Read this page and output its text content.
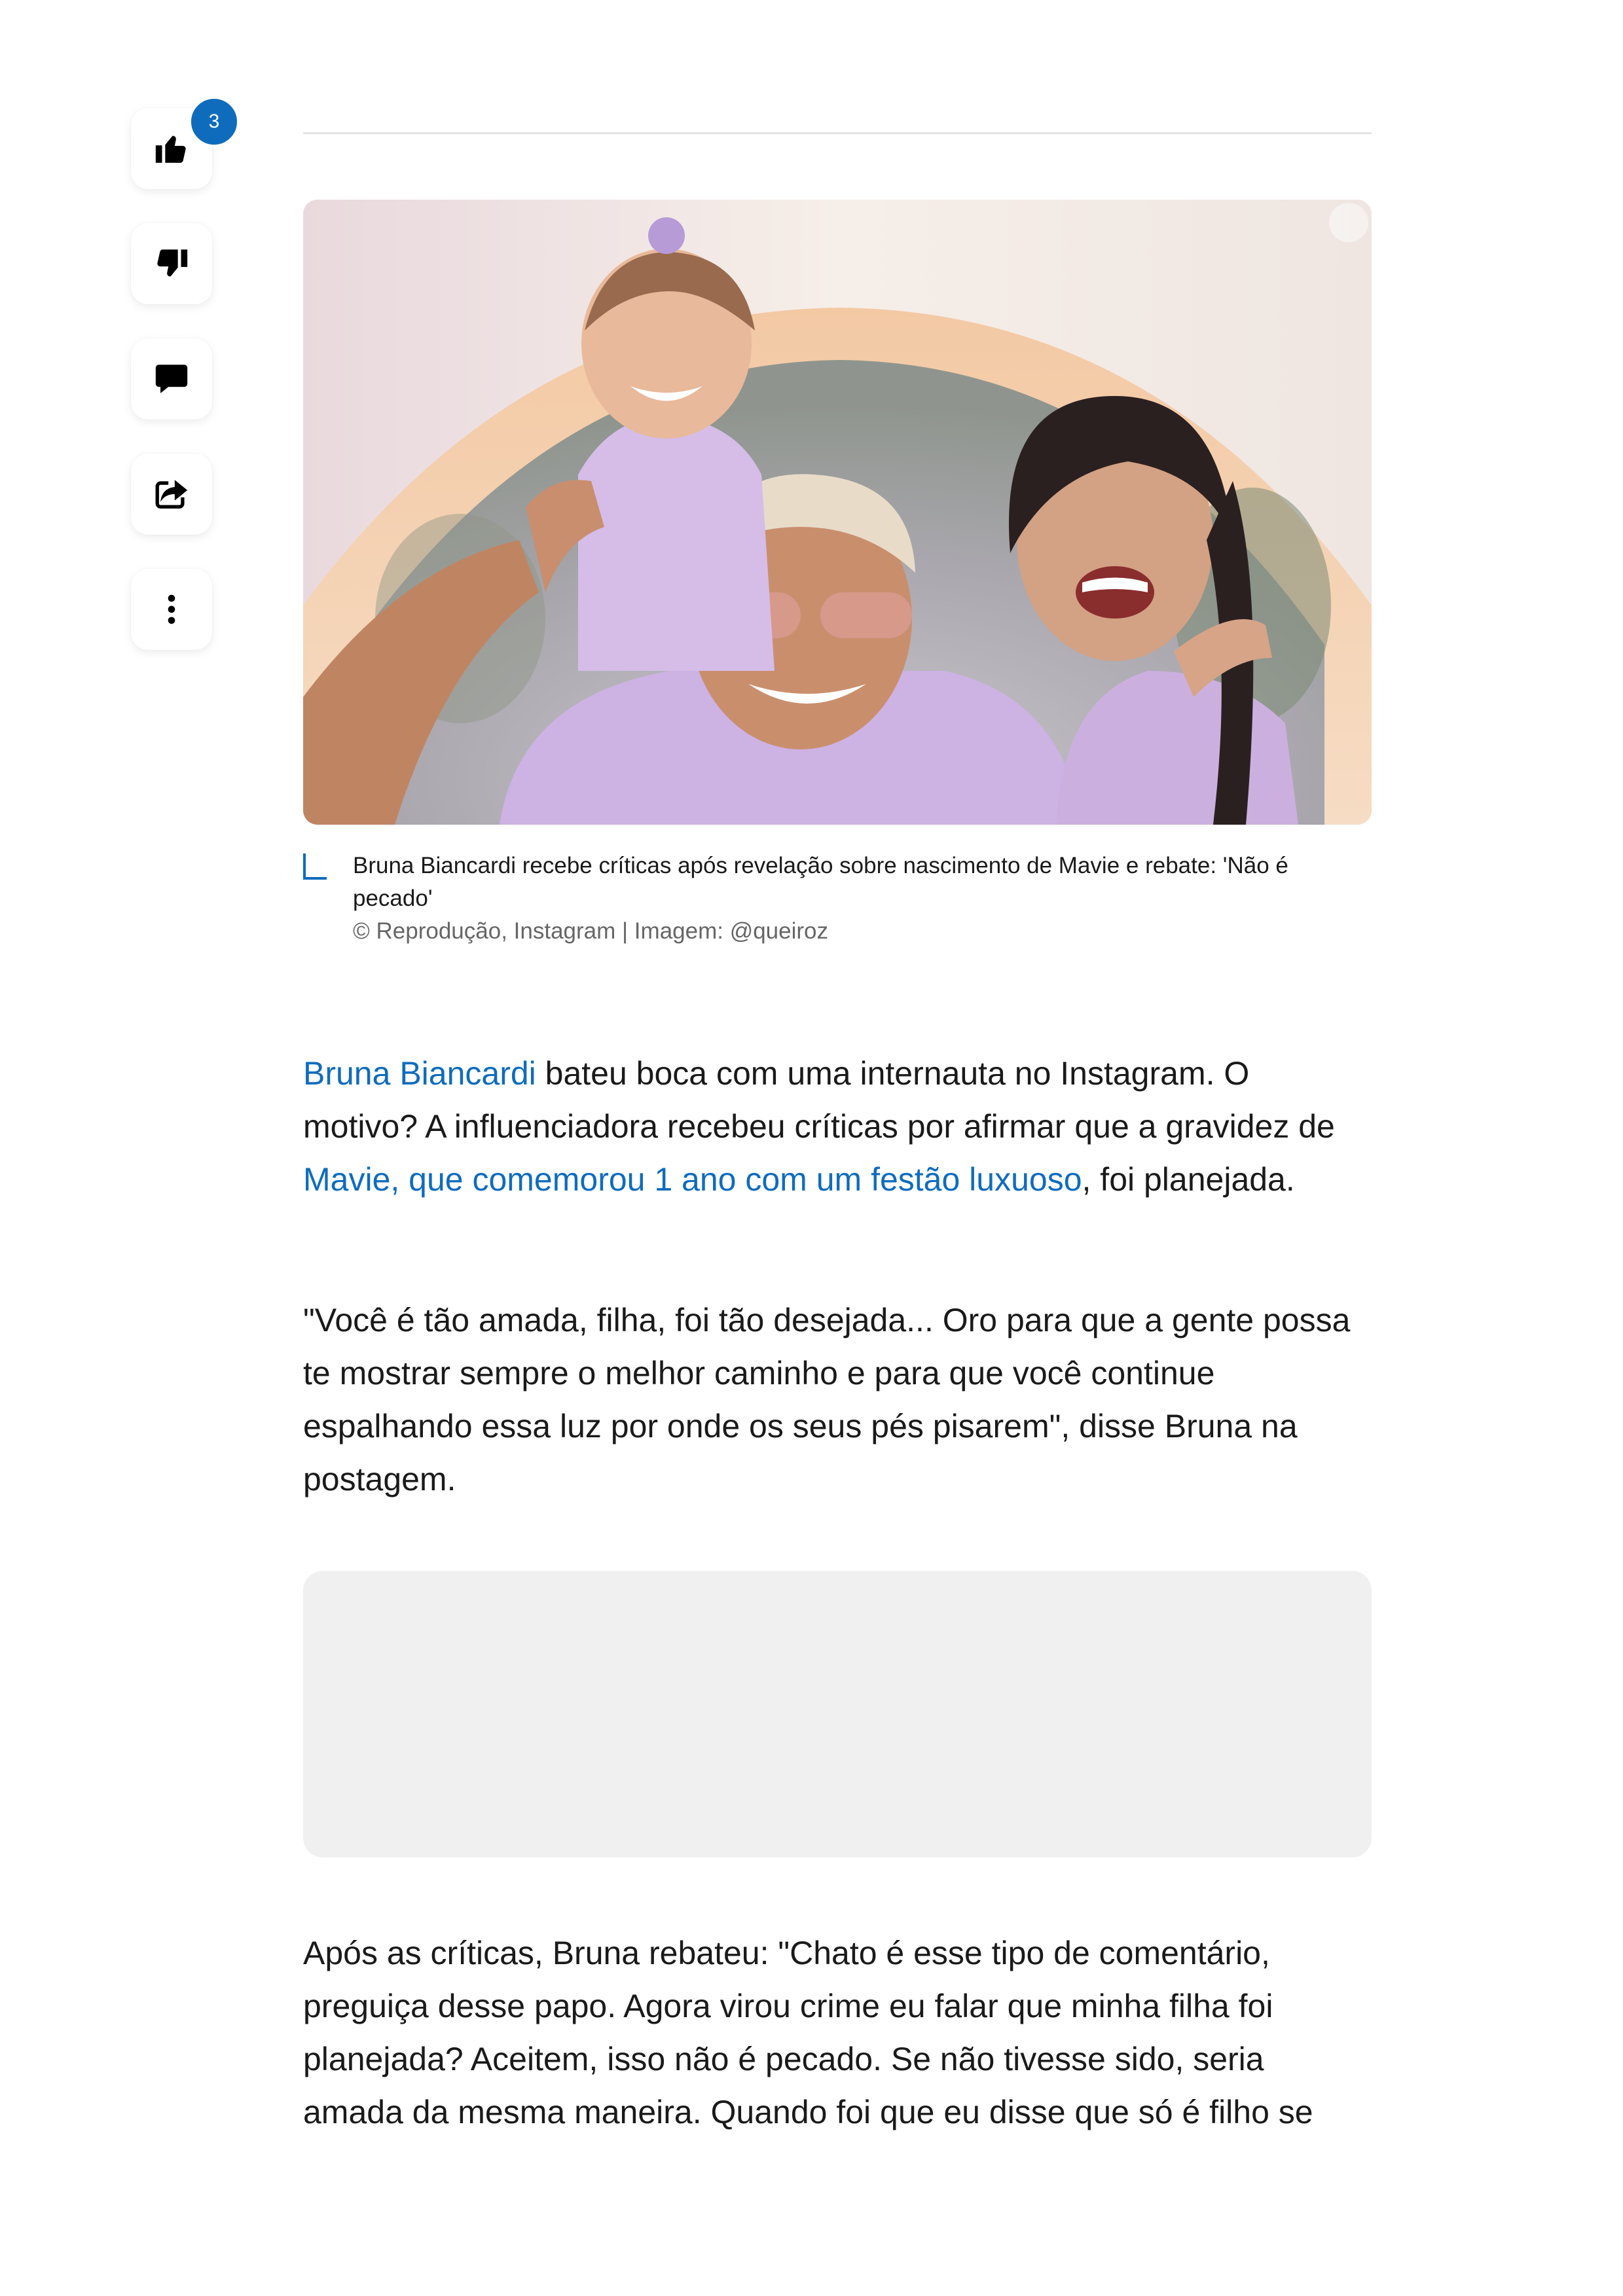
3
Bruna Biancardi recebe críticas após revelação sobre nascimento de Mavie e rebate: 'Não é pecado'
© Reprodução, Instagram | Imagem: @queiroz

Bruna Biancardi bateu boca com uma internauta no Instagram. O motivo? A influenciadora recebeu críticas por afirmar que a gravidez de Mavie, que comemorou 1 ano com um festão luxuoso, foi planejada.

"Você é tão amada, filha, foi tão desejada... Oro para que a gente possa te mostrar sempre o melhor caminho e para que você continue espalhando essa luz por onde os seus pés pisarem", disse Bruna na postagem.

Após as críticas, Bruna rebateu: "Chato é esse tipo de comentário, preguiça desse papo. Agora virou crime eu falar que minha filha foi planejada? Aceitem, isso não é pecado. Se não tivesse sido, seria amada da mesma maneira. Quando foi que eu disse que só é filho se
